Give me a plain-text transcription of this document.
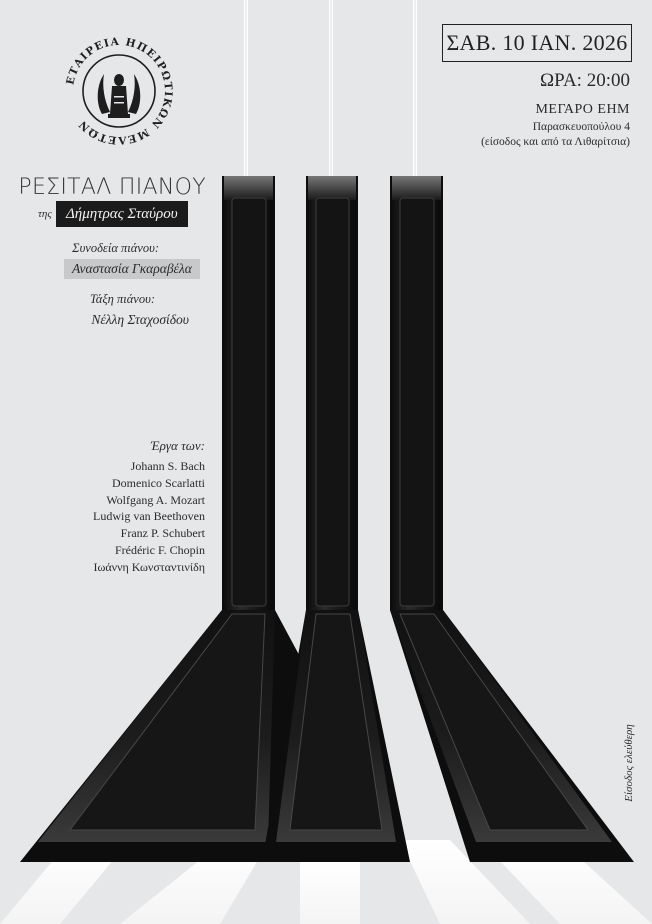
ΕΤΑΙΡΕΙΑ ΗΠΕΙΡΩΤΙΚΩΝ ΜΕΛΕΤΩΝ
ΣΑΒ. 10 ΙΑΝ. 2026

ΩΡΑ: 20:00

ΜΕΓΑΡΟ ΕΗΜ

Παρασκευοπούλου 4

(είσοδος και από τα Λιθαρίτσια)

ΡΕΣΙΤΑΛ ΠΙΑΝΟΥ

της Δήμητρας Σταύρου

Συνοδεία πιάνου:

Αναστασία Γκαραβέλα

Τάξη πιάνου:

Νέλλη Σταχοσίδου

Έργα των:

Johann S. Bach
Domenico Scarlatti
Wolfgang A. Mozart
Ludwig van Beethoven
Franz P. Schubert
Frédéric F. Chopin
Ιωάννη Κωνσταντινίδη

Είσοδος ελεύθερη
